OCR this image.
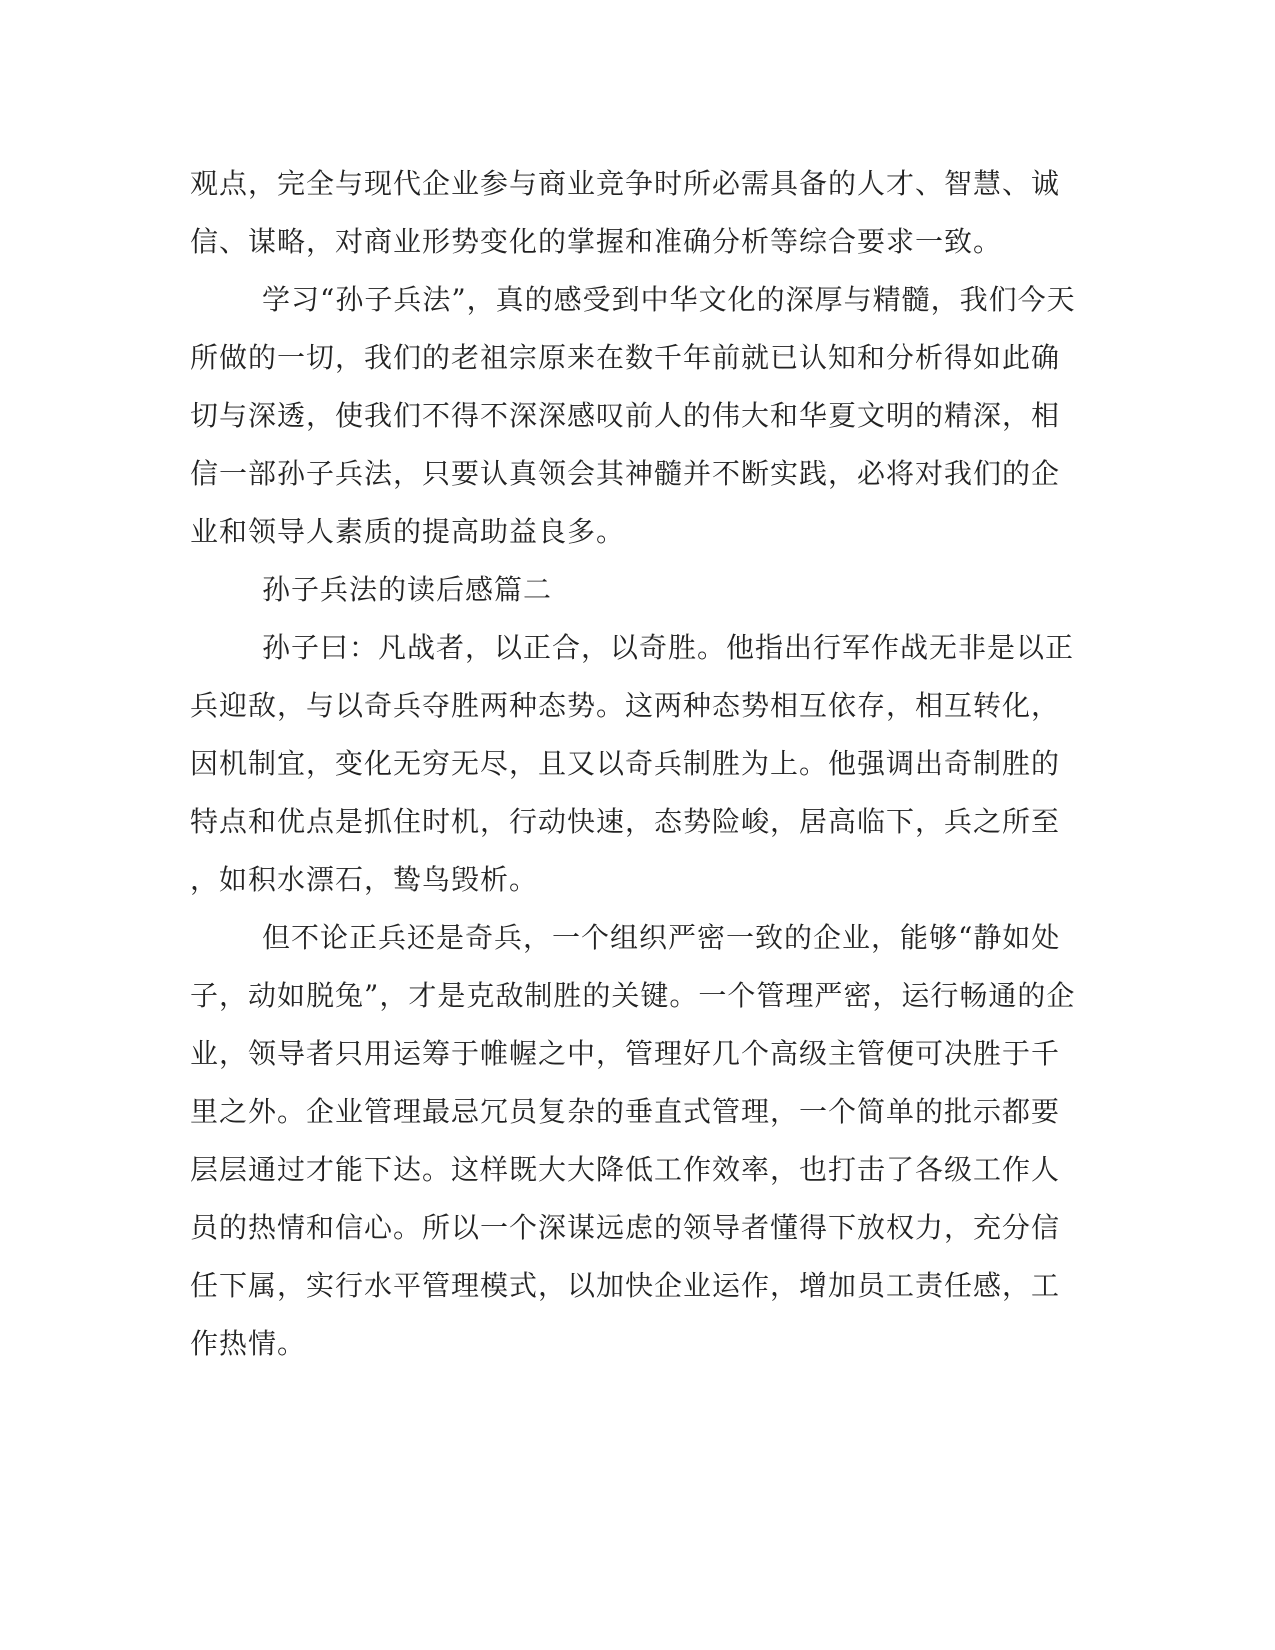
观点，完全与现代企业参与商业竞争时所必需具备的人才、智慧、诚
信、谋略，对商业形势变化的掌握和准确分析等综合要求一致。
学习“孙子兵法”，真的感受到中华文化的深厚与精髓，我们今天
所做的一切，我们的老祖宗原来在数千年前就已认知和分析得如此确
切与深透，使我们不得不深深感叹前人的伟大和华夏文明的精深，相
信一部孙子兵法，只要认真领会其神髓并不断实践，必将对我们的企
业和领导人素质的提高助益良多。
孙子兵法的读后感篇二
孙子曰：凡战者，以正合，以奇胜。他指出行军作战无非是以正
兵迎敌，与以奇兵夺胜两种态势。这两种态势相互依存，相互转化，
因机制宜，变化无穷无尽，且又以奇兵制胜为上。他强调出奇制胜的
特点和优点是抓住时机，行动快速，态势险峻，居高临下，兵之所至
，如积水漂石，鸷鸟毁析。
但不论正兵还是奇兵，一个组织严密一致的企业，能够“静如处
子，动如脱兔”，才是克敌制胜的关键。一个管理严密，运行畅通的企
业，领导者只用运筹于帷幄之中，管理好几个高级主管便可决胜于千
里之外。企业管理最忌冗员复杂的垂直式管理，一个简单的批示都要
层层通过才能下达。这样既大大降低工作效率，也打击了各级工作人
员的热情和信心。所以一个深谋远虑的领导者懂得下放权力，充分信
任下属，实行水平管理模式，以加快企业运作，增加员工责任感，工
作热情。
